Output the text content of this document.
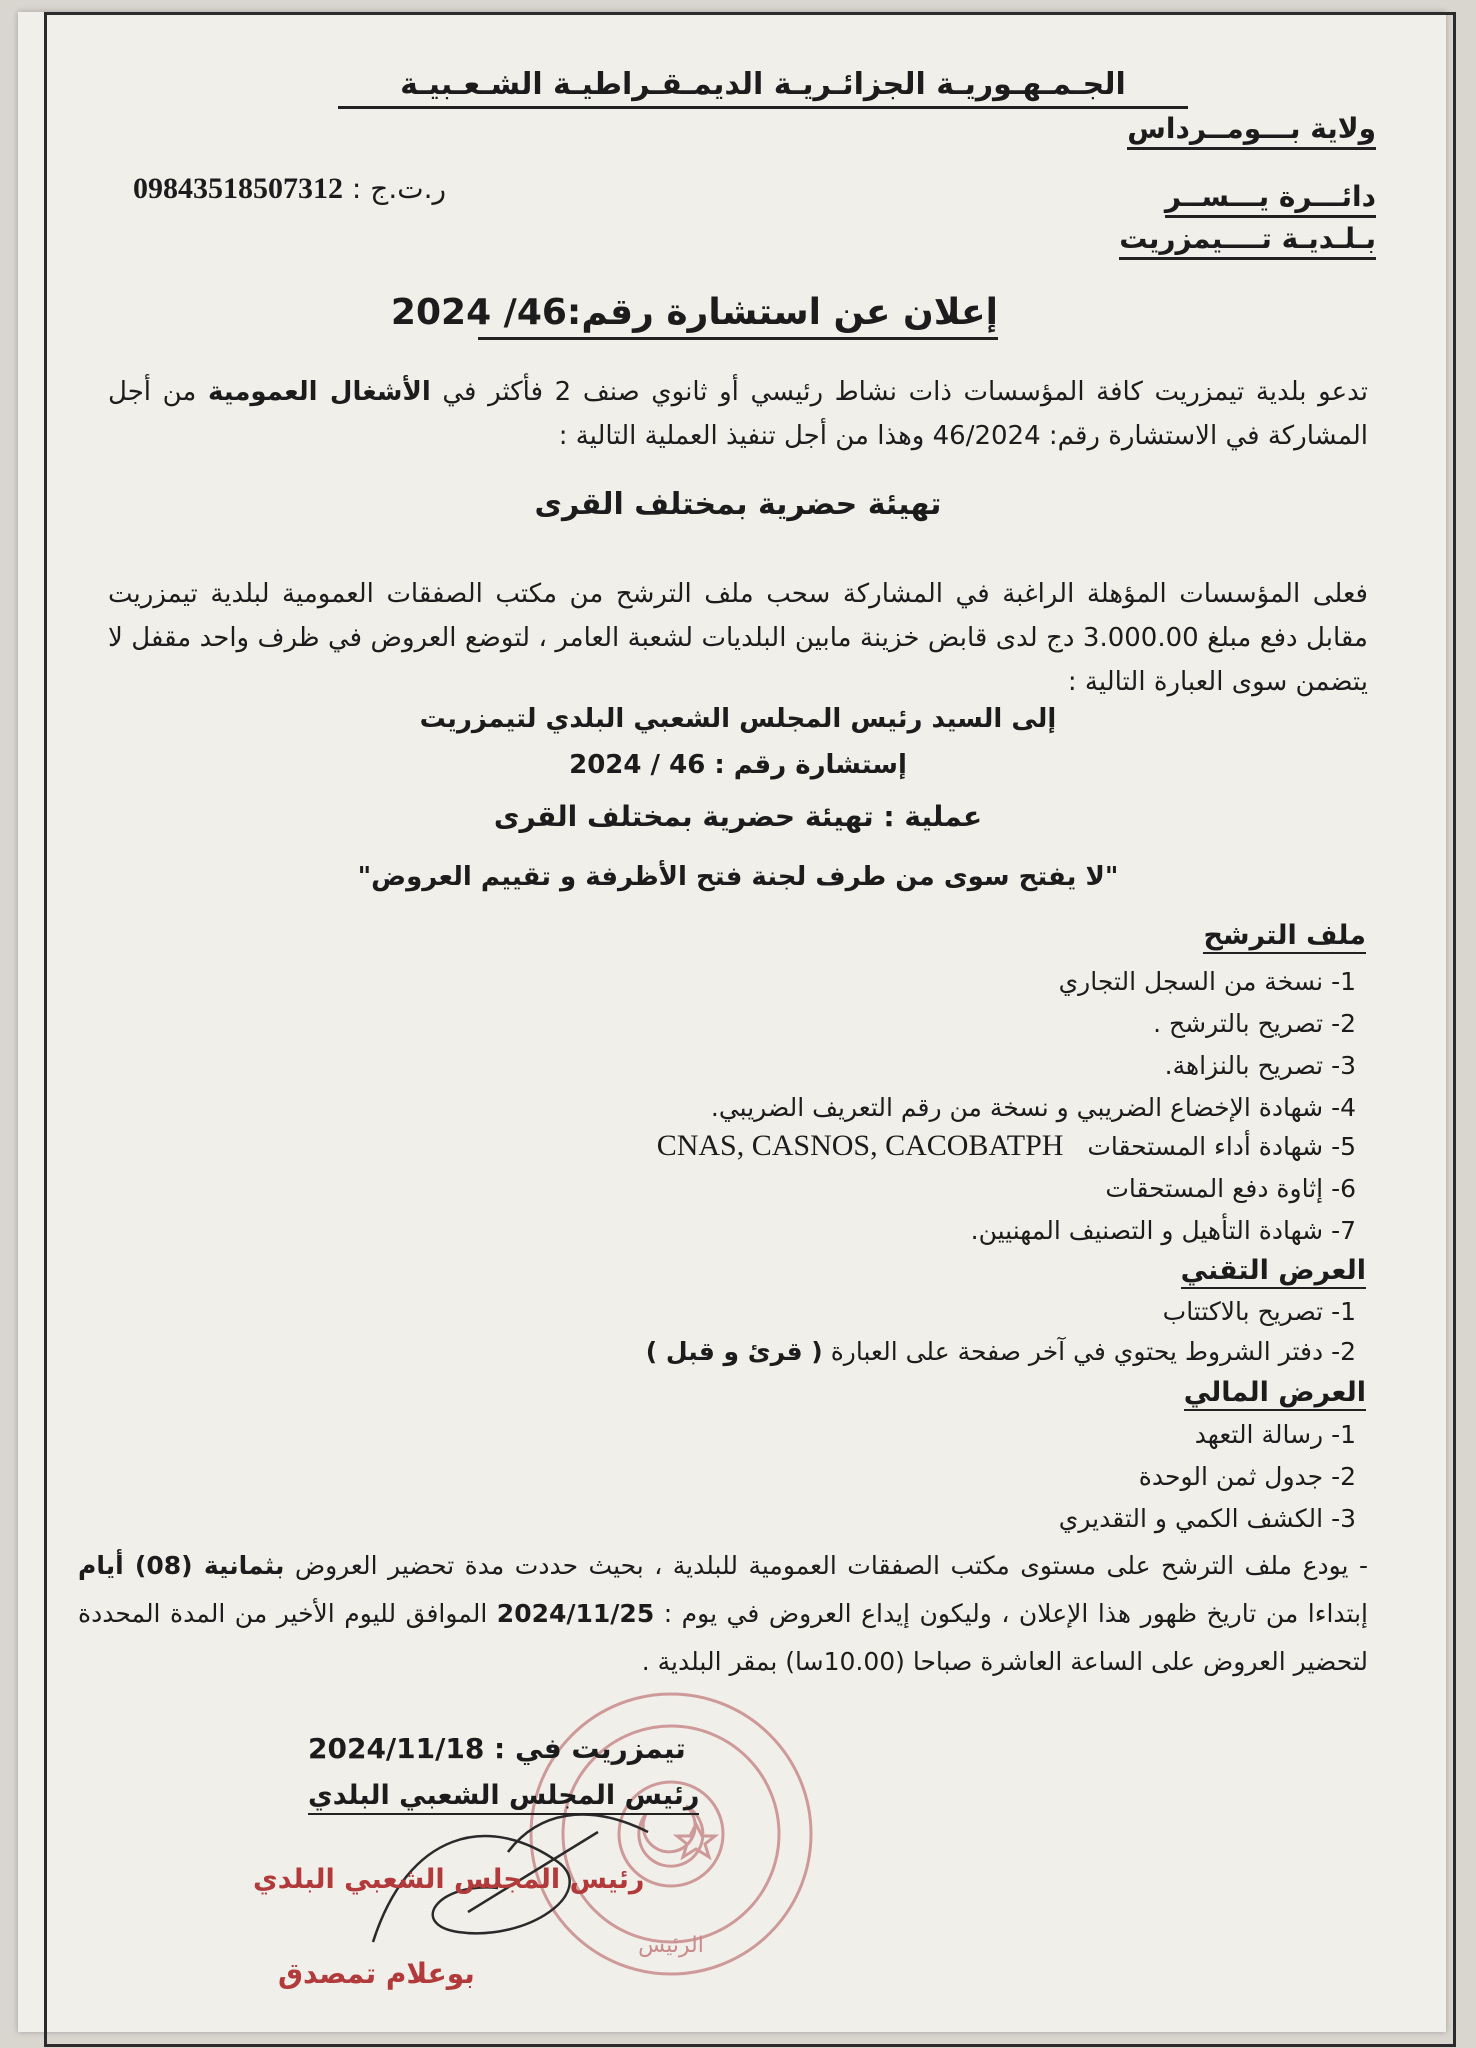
الجـمـهـوريـة الجزائـريـة الديمـقـراطيـة الشـعـبيـة
ولاية بـــومــرداس
دائـــرة يـــســر
بـلـديـة تــــيمزريت
ر.ت.ج : 09843518507312
إعلان عن استشارة رقم:46/ 2024
تدعو بلدية تيمزريت كافة المؤسسات ذات نشاط رئيسي أو ثانوي صنف 2 فأكثر في الأشغال العمومية من أجل المشاركة في الاستشارة رقم: 46/2024 وهذا من أجل تنفيذ العملية التالية :
تهيئة حضرية بمختلف القرى
فعلى المؤسسات المؤهلة الراغبة في المشاركة سحب ملف الترشح من مكتب الصفقات العمومية لبلدية تيمزريت مقابل دفع مبلغ 3.000.00 دج لدى قابض خزينة مابين البلديات لشعبة العامر ، لتوضع العروض في ظرف واحد مقفل لا يتضمن سوى العبارة التالية :
إلى السيد رئيس المجلس الشعبي البلدي لتيمزريت
إستشارة رقم : 46 / 2024
عملية : تهيئة حضرية بمختلف القرى
"لا يفتح سوى من طرف لجنة فتح الأظرفة و تقييم العروض"
ملف الترشح
1- نسخة من السجل التجاري
2- تصريح بالترشح .
3- تصريح بالنزاهة.
4- شهادة الإخضاع الضريبي و نسخة من رقم التعريف الضريبي.
5- شهادة أداء المستحقات   CNAS, CASNOS, CACOBATPH
6- إثاوة دفع المستحقات
7- شهادة التأهيل و التصنيف المهنيين.
العرض التقني
1- تصريح بالاكتتاب
2- دفتر الشروط يحتوي في آخر صفحة على العبارة ( قرئ و قبل )
العرض المالي
1- رسالة التعهد
2- جدول ثمن الوحدة
3- الكشف الكمي و التقديري
- يودع ملف الترشح على مستوى مكتب الصفقات العمومية للبلدية ، بحيث حددت مدة تحضير العروض بثمانية (08) أيام إبتداءا من تاريخ ظهور هذا الإعلان ، وليكون إيداع العروض في يوم : 2024/11/25 الموافق لليوم الأخير من المدة المحددة لتحضير العروض على الساعة العاشرة صباحا (10.00سا) بمقر البلدية .
الرئيس
تيمزريت في : 2024/11/18
رئيس المجلس الشعبي البلدي
رئيس المجلس الشعبي البلدي
بوعلام تمصدق
